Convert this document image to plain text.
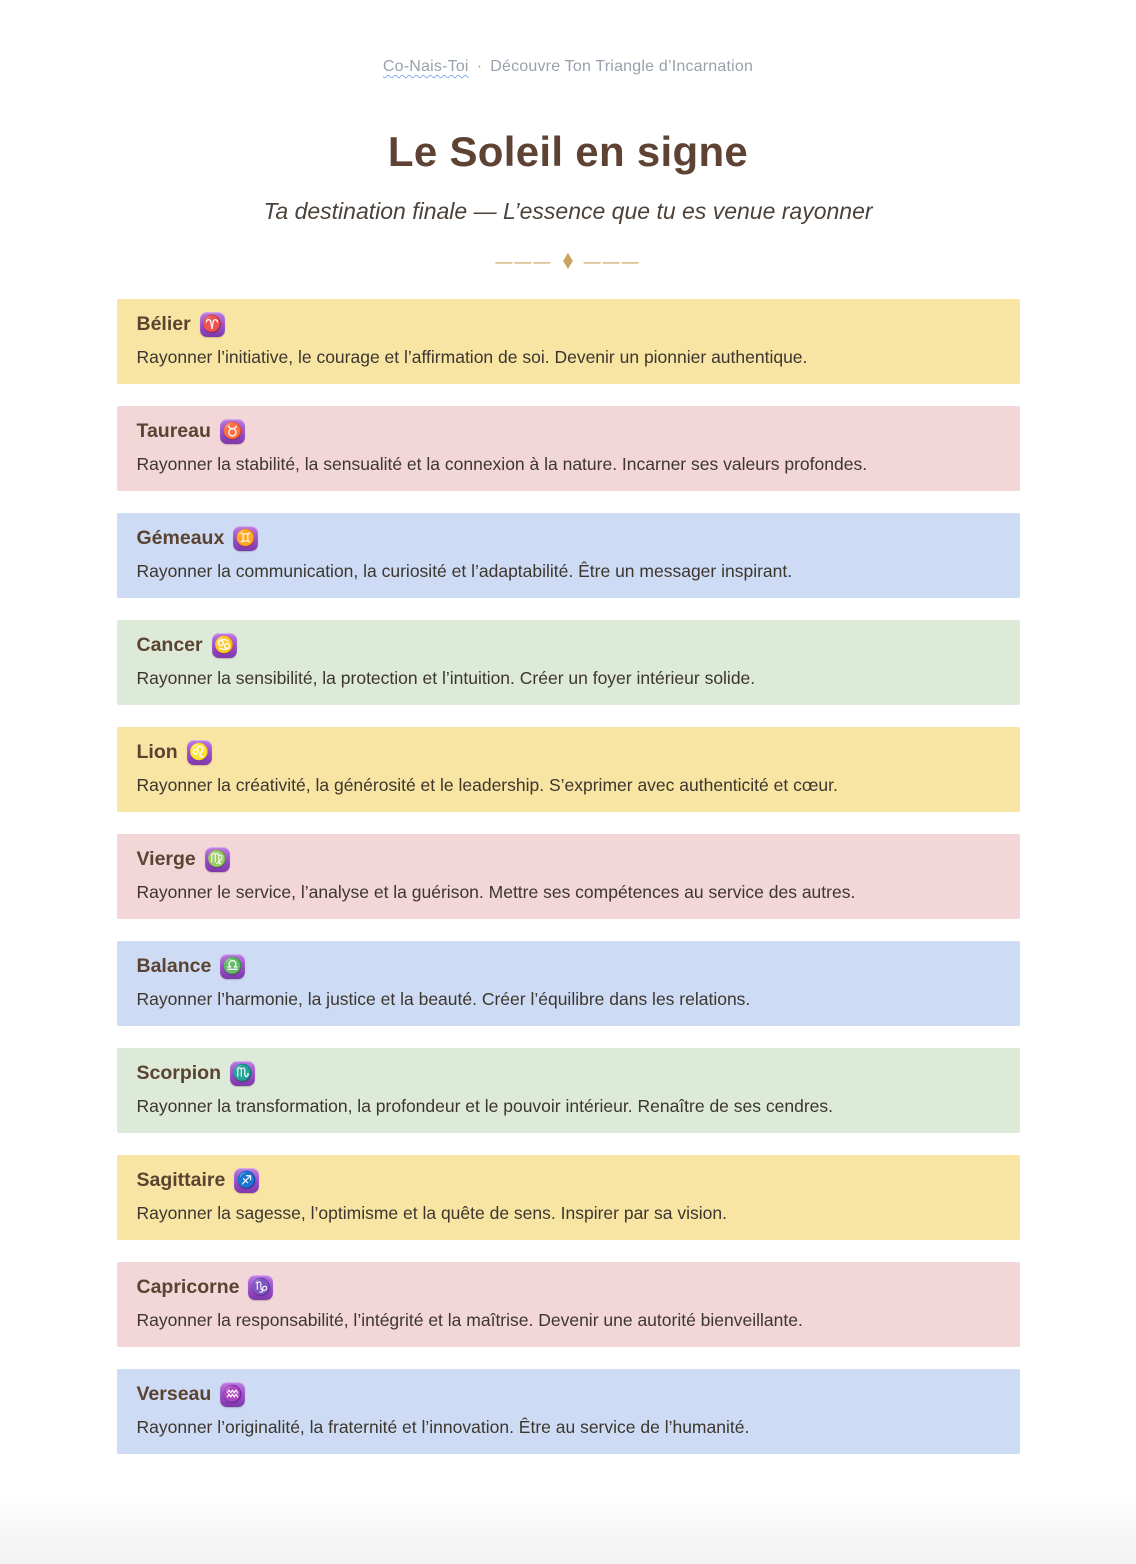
Co-Nais-Toi · Découvre Ton Triangle d’Incarnation
Le Soleil en signe

Ta destination finale — L’essence que tu es venue rayonner

——— ♦ ———
Bélier ♈

Rayonner l’initiative, le courage et l’affirmation de soi. Devenir un pionnier authentique.

Taureau ♉

Rayonner la stabilité, la sensualité et la connexion à la nature. Incarner ses valeurs profondes.

Gémeaux ♊

Rayonner la communication, la curiosité et l’adaptabilité. Être un messager inspirant.

Cancer ♋

Rayonner la sensibilité, la protection et l’intuition. Créer un foyer intérieur solide.

Lion ♌

Rayonner la créativité, la générosité et le leadership. S’exprimer avec authenticité et cœur.

Vierge ♍

Rayonner le service, l’analyse et la guérison. Mettre ses compétences au service des autres.

Balance ♎

Rayonner l’harmonie, la justice et la beauté. Créer l’équilibre dans les relations.

Scorpion ♏

Rayonner la transformation, la profondeur et le pouvoir intérieur. Renaître de ses cendres.

Sagittaire ♐

Rayonner la sagesse, l’optimisme et la quête de sens. Inspirer par sa vision.

Capricorne ♑

Rayonner la responsabilité, l’intégrité et la maîtrise. Devenir une autorité bienveillante.

Verseau ♒

Rayonner l’originalité, la fraternité et l’innovation. Être au service de l’humanité.
